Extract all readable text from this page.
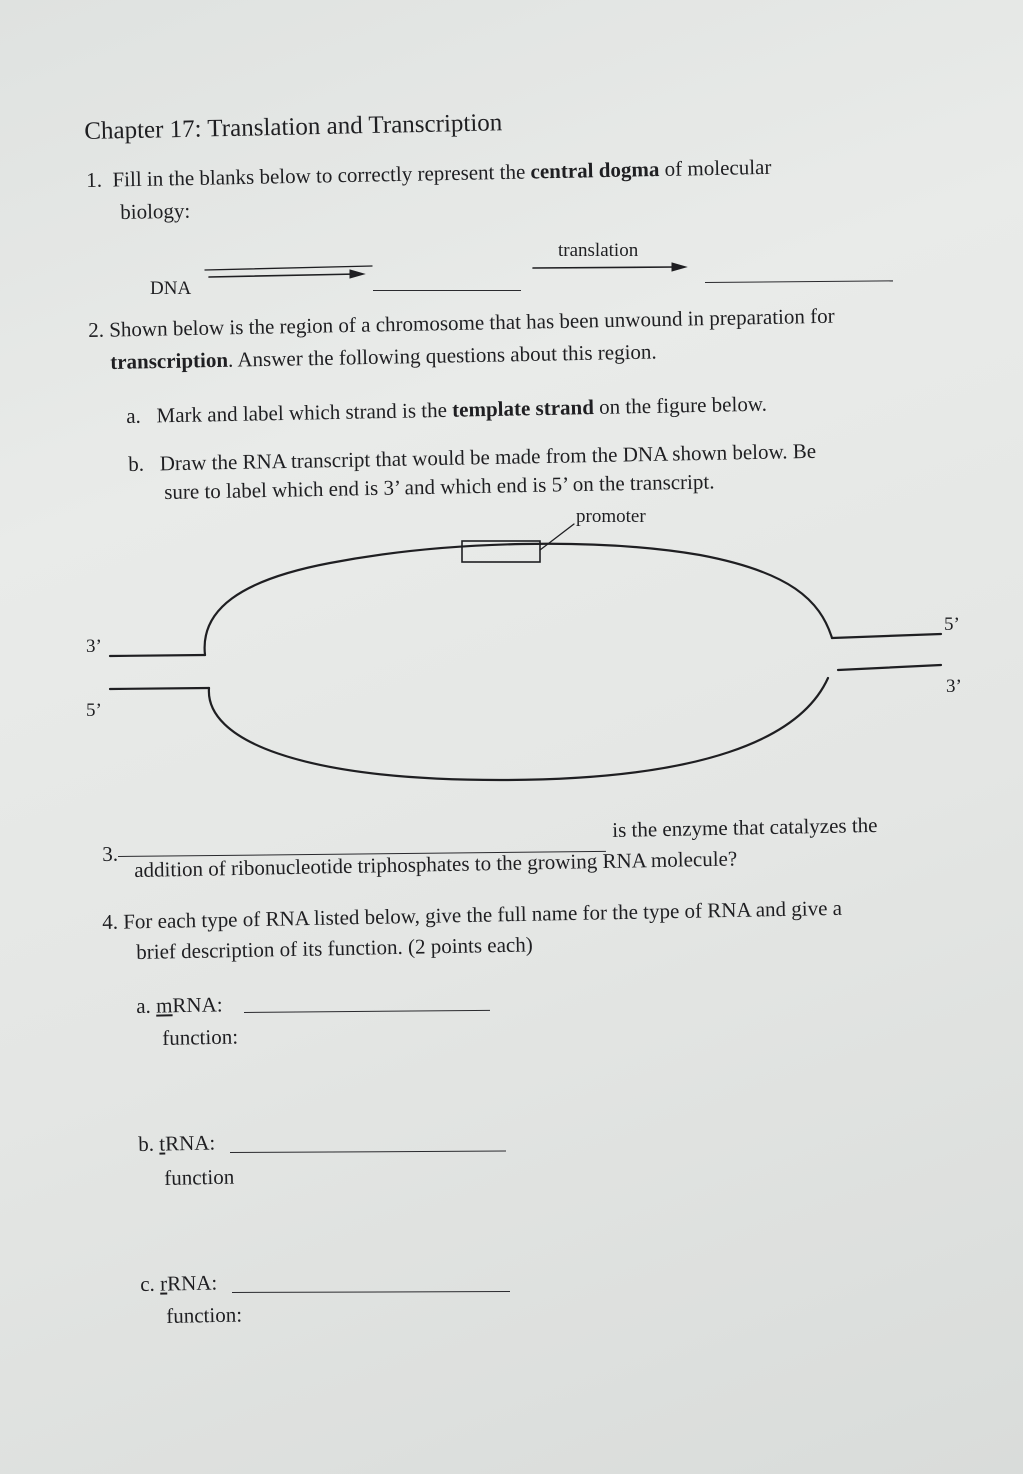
Chapter 17: Translation and Transcription
1. Fill in the blanks below to correctly represent the central dogma of molecular
biology:
DNA
translation
2. Shown below is the region of a chromosome that has been unwound in preparation for
transcription. Answer the following questions about this region.
a. Mark and label which strand is the template strand on the figure below.
b. Draw the RNA transcript that would be made from the DNA shown below. Be
sure to label which end is 3’ and which end is 5’ on the transcript.
promoter
3’
5’
5’
3’
3.
is the enzyme that catalyzes the
addition of ribonucleotide triphosphates to the growing RNA molecule?
4. For each type of RNA listed below, give the full name for the type of RNA and give a
brief description of its function. (2 points each)
a. mRNA:
function:
b. tRNA:
function
c. rRNA:
function:
